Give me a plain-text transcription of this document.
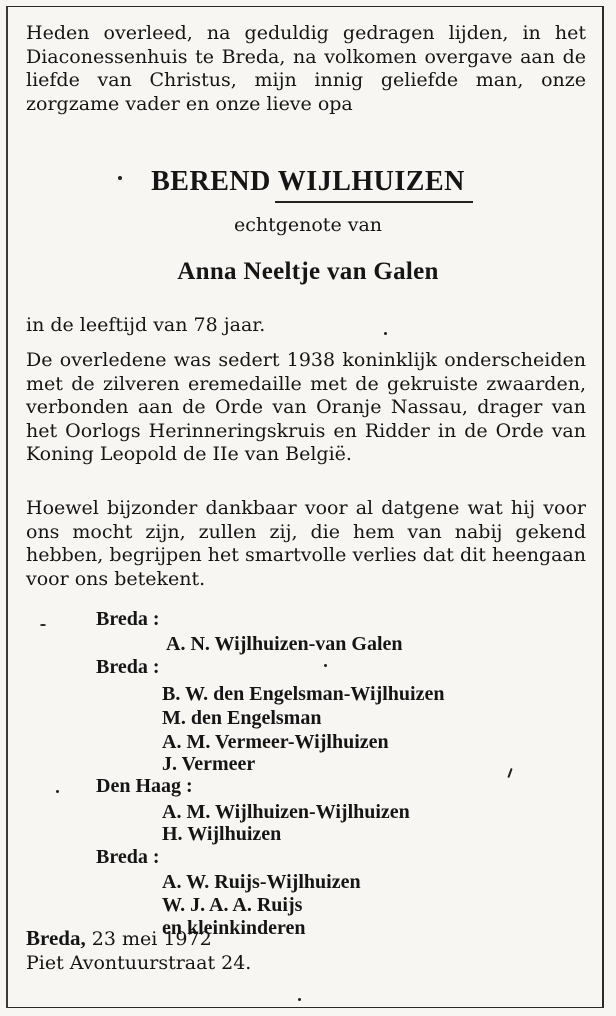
Heden overleed, na geduldig gedragen lijden, in het Diaconessenhuis te Breda, na volkomen overgave aan de liefde van Christus, mijn innig geliefde man, onze zorgzame vader en onze lieve opa
BEREND WIJLHUIZEN
echtgenote van
Anna Neeltje van Galen
in de leeftijd van 78 jaar.
De overledene was sedert 1938 koninklijk onderscheiden met de zilveren eremedaille met de gekruiste zwaarden, verbonden aan de Orde van Oranje Nassau, drager van het Oorlogs Herinneringskruis en Ridder in de Orde van Koning Leopold de IIe van België.
Hoewel bijzonder dankbaar voor al datgene wat hij voor ons mocht zijn, zullen zij, die hem van nabij gekend hebben, begrijpen het smartvolle verlies dat dit heengaan voor ons betekent.
Breda :
A. N. Wijlhuizen-van Galen
Breda :
B. W. den Engelsman-Wijlhuizen
M. den Engelsman
A. M. Vermeer-Wijlhuizen
J. Vermeer
Den Haag :
A. M. Wijlhuizen-Wijlhuizen
H. Wijlhuizen
Breda :
A. W. Ruijs-Wijlhuizen
W. J. A. A. Ruijs
en kleinkinderen
Breda, 23 mei 1972
Piet Avontuurstraat 24.
